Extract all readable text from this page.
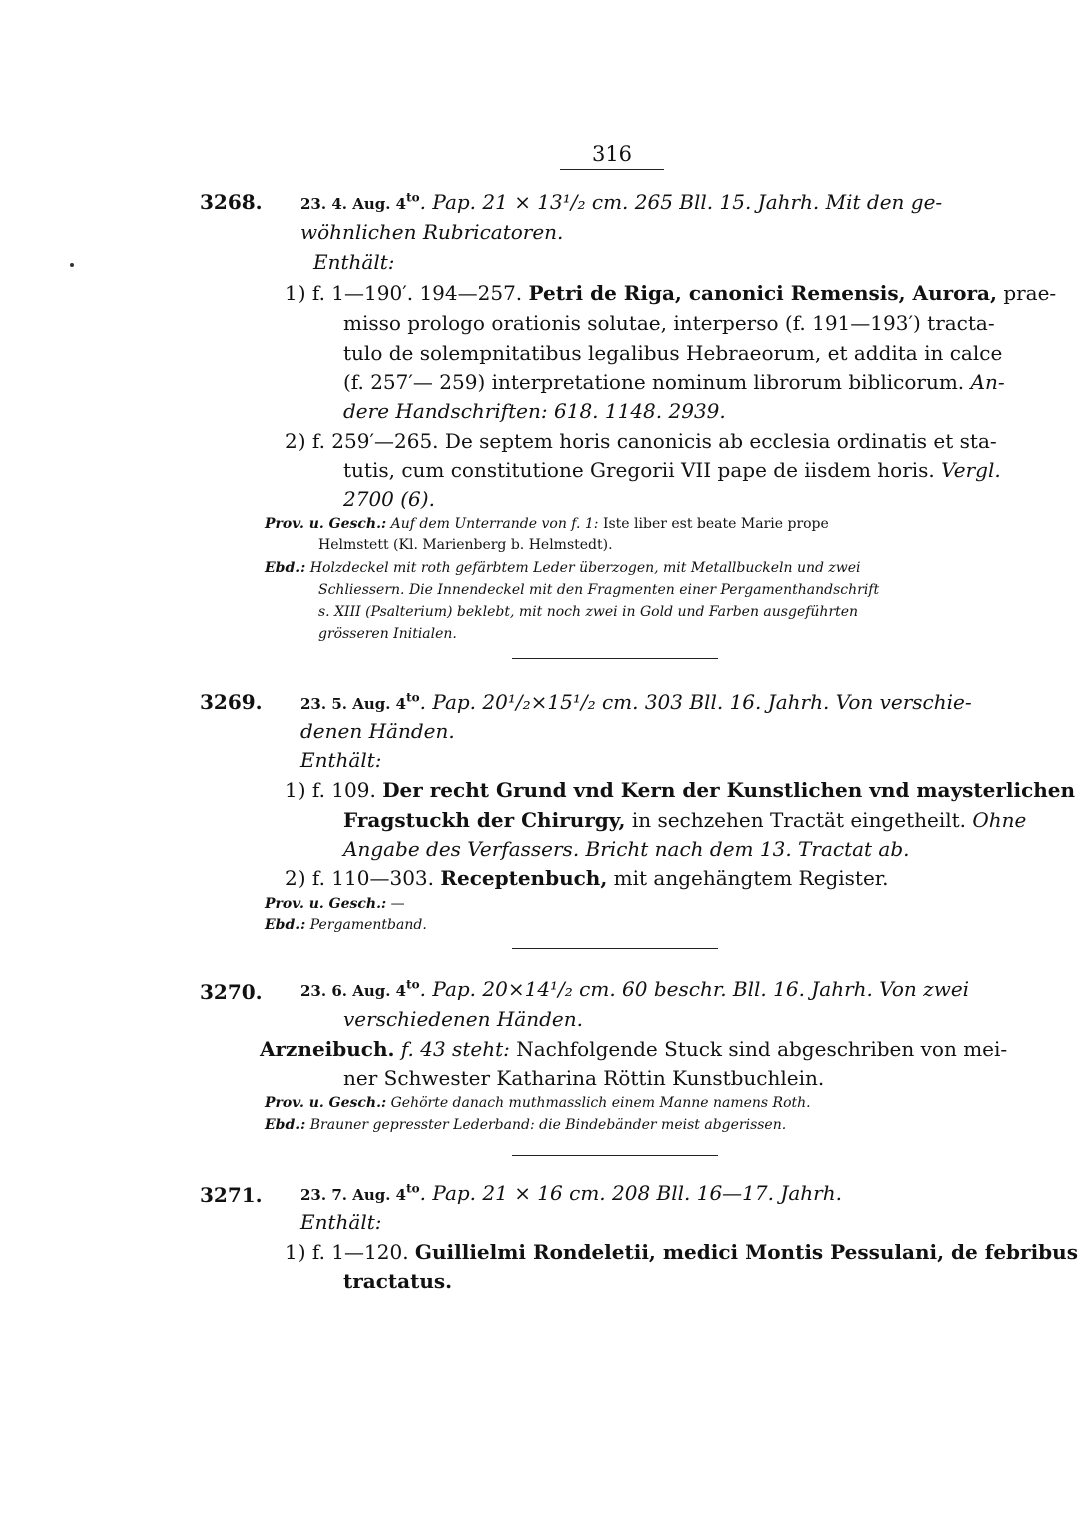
316
3268. 23. 4. Aug. $4^{to}$. Pap. 21 × 13¹/₂ cm. 265 Bll. 15. Jahrh. Mit den ge-
wöhnlichen Rubricatoren.
Enthält:
1) f. 1—190′. 194—257. Petri de Riga, canonici Remensis, Aurora, prae-
misso prologo orationis solutae, interperso (f. 191—193′) tracta-
tulo de solempnitatibus legalibus Hebraeorum, et addita in calce
(f. 257′— 259) interpretatione nominum librorum biblicorum. An-
dere Handschriften: 618. 1148. 2939.
2) f. 259′—265. De septem horis canonicis ab ecclesia ordinatis et sta-
tutis, cum constitutione Gregorii VII pape de iisdem horis. Vergl.
2700 (6).
Prov. u. Gesch.: Auf dem Unterrande von f. 1: Iste liber est beate Marie prope
Helmstett (Kl. Marienberg b. Helmstedt).
Ebd.: Holzdeckel mit roth gefärbtem Leder überzogen, mit Metallbuckeln und zwei
Schliessern. Die Innendeckel mit den Fragmenten einer Pergamenthandschrift
s. XIII (Psalterium) beklebt, mit noch zwei in Gold und Farben ausgeführten
grösseren Initialen.
3269. 23. 5. Aug. $4^{to}$. Pap. 20¹/₂×15¹/₂ cm. 303 Bll. 16. Jahrh. Von verschie-
denen Händen.
Enthält:
1) f. 109. Der recht Grund vnd Kern der Kunstlichen vnd maysterlichen
Fragstuckh der Chirurgy, in sechzehen Tractät eingetheilt. Ohne
Angabe des Verfassers. Bricht nach dem 13. Tractat ab.
2) f. 110—303. Receptenbuch, mit angehängtem Register.
Prov. u. Gesch.: —
Ebd.: Pergamentband.
3270. 23. 6. Aug. $4^{to}$. Pap. 20×14¹/₂ cm. 60 beschr. Bll. 16. Jahrh. Von zwei
verschiedenen Händen.
Arzneibuch. f. 43 steht: Nachfolgende Stuck sind abgeschriben von mei-
ner Schwester Katharina Röttin Kunstbuchlein.
Prov. u. Gesch.: Gehörte danach muthmasslich einem Manne namens Roth.
Ebd.: Brauner gepresster Lederband: die Bindebänder meist abgerissen.
3271. 23. 7. Aug. $4^{to}$. Pap. 21 × 16 cm. 208 Bll. 16—17. Jahrh.
Enthält:
1) f. 1—120. Guillielmi Rondeletii, medici Montis Pessulani, de febribus
tractatus.
